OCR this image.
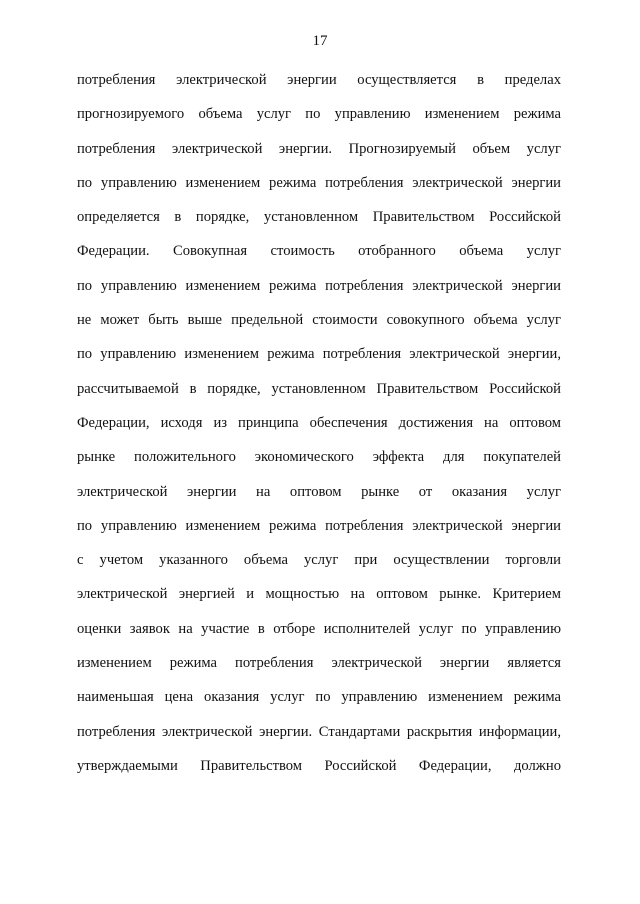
17
потребления электрической энергии осуществляется в пределах
прогнозируемого объема услуг по управлению изменением режима
потребления электрической энергии. Прогнозируемый объем услуг
по управлению изменением режима потребления электрической энергии
определяется в порядке, установленном Правительством Российской
Федерации. Совокупная стоимость отобранного объема услуг
по управлению изменением режима потребления электрической энергии
не может быть выше предельной стоимости совокупного объема услуг
по управлению изменением режима потребления электрической энергии,
рассчитываемой в порядке, установленном Правительством Российской
Федерации, исходя из принципа обеспечения достижения на оптовом
рынке положительного экономического эффекта для покупателей
электрической энергии на оптовом рынке от оказания услуг
по управлению изменением режима потребления электрической энергии
с учетом указанного объема услуг при осуществлении торговли
электрической энергией и мощностью на оптовом рынке. Критерием
оценки заявок на участие в отборе исполнителей услуг по управлению
изменением режима потребления электрической энергии является
наименьшая цена оказания услуг по управлению изменением режима
потребления электрической энергии. Стандартами раскрытия информации,
утверждаемыми Правительством Российской Федерации, должно
